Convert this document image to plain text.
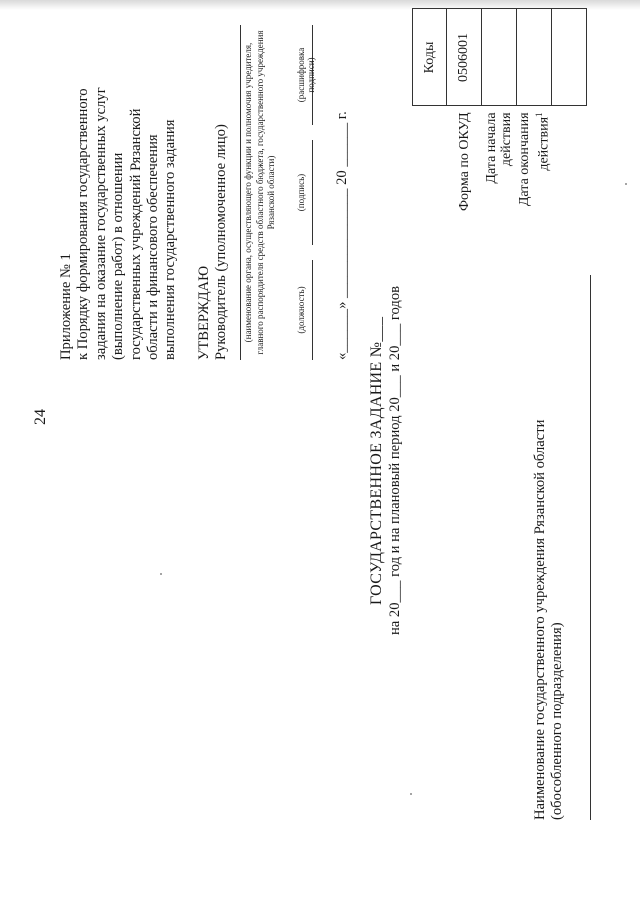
24
Приложение № 1 к Порядку формирования государственного задания на оказание государственных услуг (выполнение работ) в отношении государственных учреждений Рязанской области и финансового обеспечения выполнения государственного задания УТВЕРЖДАЮ Руководитель (уполномоченное лицо) (наименование органа, осуществляющего функции и полномочия учредителя, главного распорядителя средств областного бюджета, государственного учреждения Рязанской области)
(должность)
(подпись)
(расшифровка подписи)
«______» _______________ 20 ______ г.
ГОСУДАРСТВЕННОЕ ЗАДАНИЕ №___ на 20___ год и на плановый период 20___ и 20___ годов
	Коды
Форма по ОКУД	0506001

Дата начала действия	

Дата окончания действия$^1$

Наименование государственного учреждения Рязанской области (обособленного подразделения)
